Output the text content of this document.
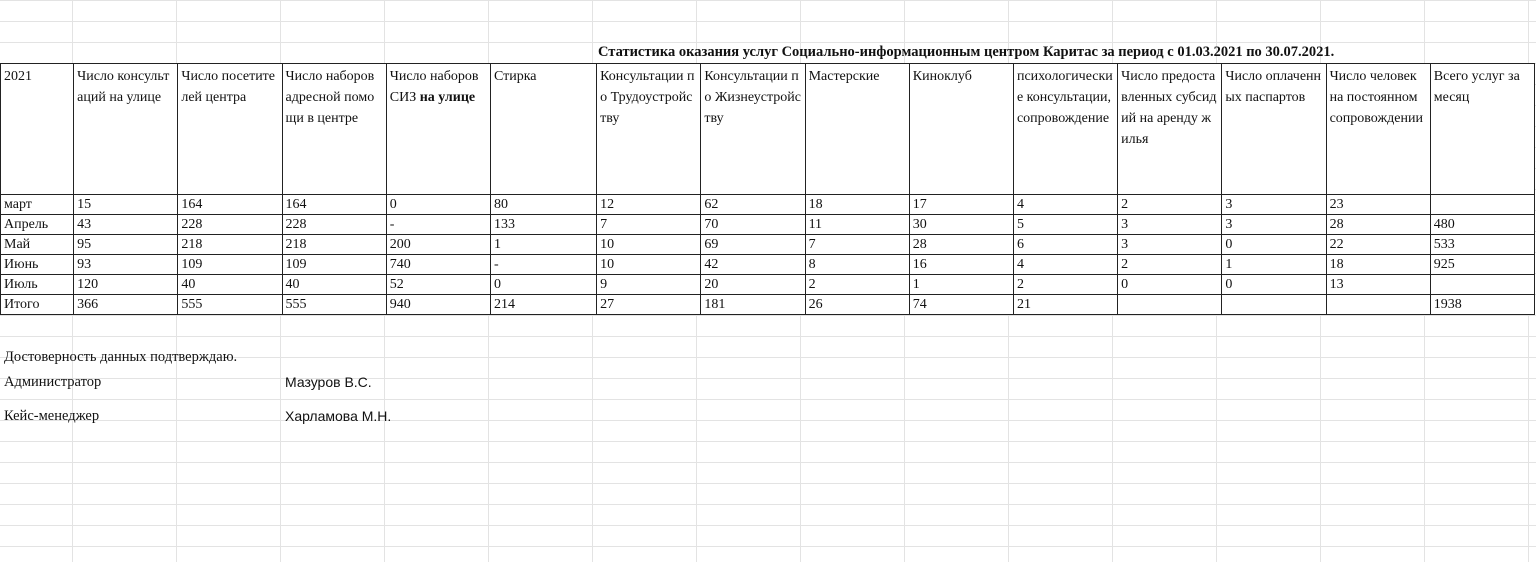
Статистика оказания услуг Социально-информационным центром Каритас за период с 01.03.2021 по 30.07.2021.
2021	Число консультаций на улице	Число посетителей центра	Число наборов адресной помощи в центре	Число наборов СИЗ на улице	Стирка	Консультации по Трудоустройству	Консультации по Жизнеустройству	Мастерские	Киноклуб	психологические консультации, сопровождение	Число предоставленных субсидий на аренду жилья	Число оплаченных паспартов	Число человек на постоянном сопровождении	Всего услуг за месяц
март	15	164	164	0	80	12	62	18	17	4	2	3	23	
Апрель	43	228	228	-	133	7	70	11	30	5	3	3	28	480
Май	95	218	218	200	1	10	69	7	28	6	3	0	22	533
Июнь	93	109	109	740	-	10	42	8	16	4	2	1	18	925
Июль	120	40	40	52	0	9	20	2	1	2	0	0	13	
Итого	366	555	555	940	214	27	181	26	74	21				1938
Достоверность данных подтверждаю.
Администратор	Мазуров В.С.
Кейс-менеджер	Харламова М.Н.
